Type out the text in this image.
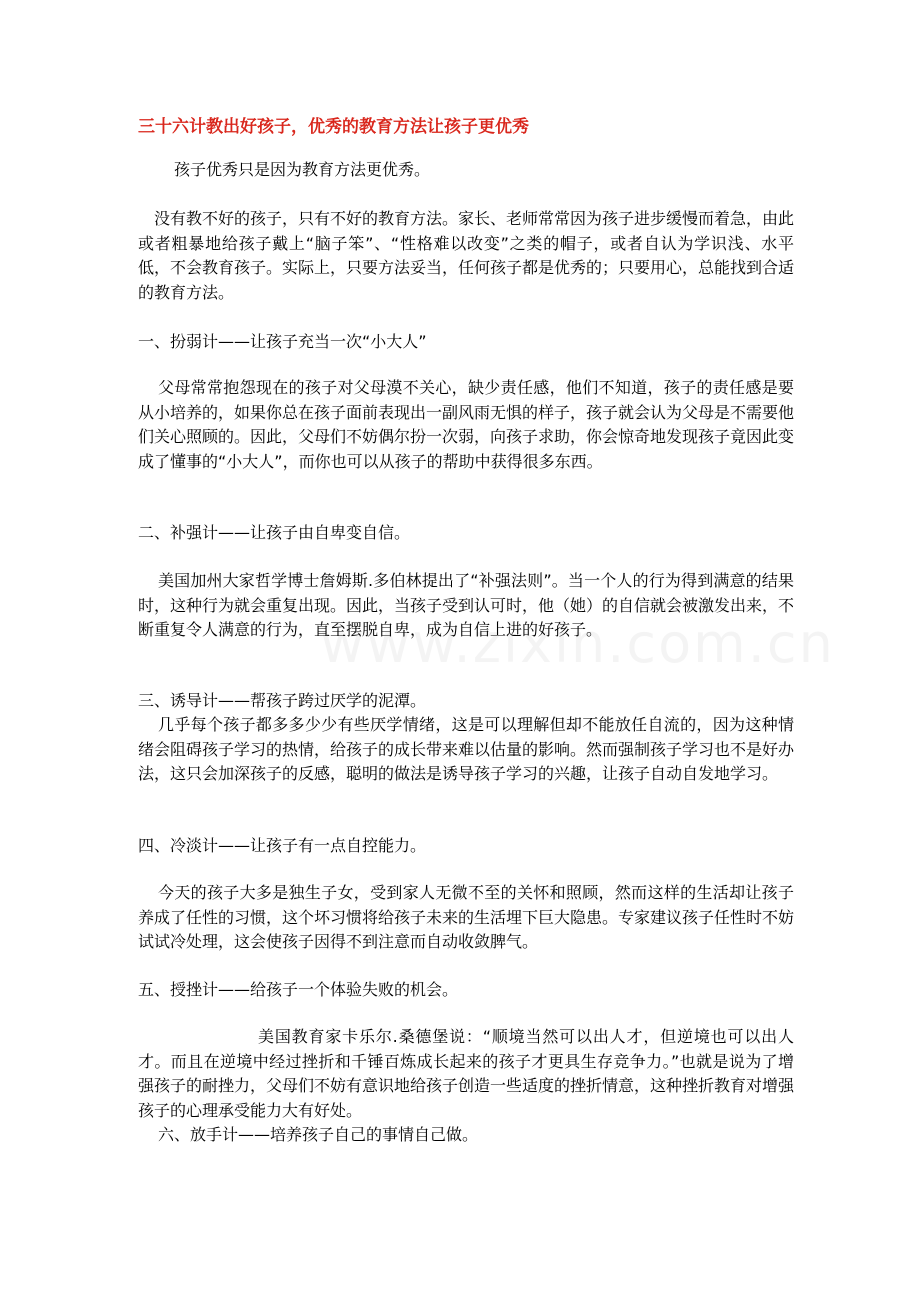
三十六计教出好孩子，优秀的教育方法让孩子更优秀
孩子优秀只是因为教育方法更优秀。
没有教不好的孩子，只有不好的教育方法。家长、老师常常因为孩子进步缓慢而着急，由此或者粗暴地给孩子戴上“脑子笨”、“性格难以改变”之类的帽子，或者自认为学识浅、水平低，不会教育孩子。实际上，只要方法妥当，任何孩子都是优秀的；只要用心，总能找到合适的教育方法。
一、扮弱计——让孩子充当一次“小大人”
父母常常抱怨现在的孩子对父母漠不关心，缺少责任感，他们不知道，孩子的责任感是要从小培养的，如果你总在孩子面前表现出一副风雨无惧的样子，孩子就会认为父母是不需要他们关心照顾的。因此，父母们不妨偶尔扮一次弱，向孩子求助，你会惊奇地发现孩子竟因此变成了懂事的“小大人”，而你也可以从孩子的帮助中获得很多东西。
二、补强计——让孩子由自卑变自信。
美国加州大家哲学博士詹姆斯.多伯林提出了“补强法则”。当一个人的行为得到满意的结果时，这种行为就会重复出现。因此，当孩子受到认可时，他（她）的自信就会被激发出来，不断重复令人满意的行为，直至摆脱自卑，成为自信上进的好孩子。
三、诱导计——帮孩子跨过厌学的泥潭。
几乎每个孩子都多多少少有些厌学情绪，这是可以理解但却不能放任自流的，因为这种情绪会阻碍孩子学习的热情，给孩子的成长带来难以估量的影响。然而强制孩子学习也不是好办法，这只会加深孩子的反感，聪明的做法是诱导孩子学习的兴趣，让孩子自动自发地学习。
四、冷淡计——让孩子有一点自控能力。
今天的孩子大多是独生子女，受到家人无微不至的关怀和照顾，然而这样的生活却让孩子养成了任性的习惯，这个坏习惯将给孩子未来的生活埋下巨大隐患。专家建议孩子任性时不妨试试冷处理，这会使孩子因得不到注意而自动收敛脾气。
五、授挫计——给孩子一个体验失败的机会。
美国教育家卡乐尔.桑德堡说：“顺境当然可以出人才，但逆境也可以出人才。而且在逆境中经过挫折和千锤百炼成长起来的孩子才更具生存竞争力。”也就是说为了增强孩子的耐挫力，父母们不妨有意识地给孩子创造一些适度的挫折情意，这种挫折教育对增强孩子的心理承受能力大有好处。
六、放手计——培养孩子自己的事情自己做。
